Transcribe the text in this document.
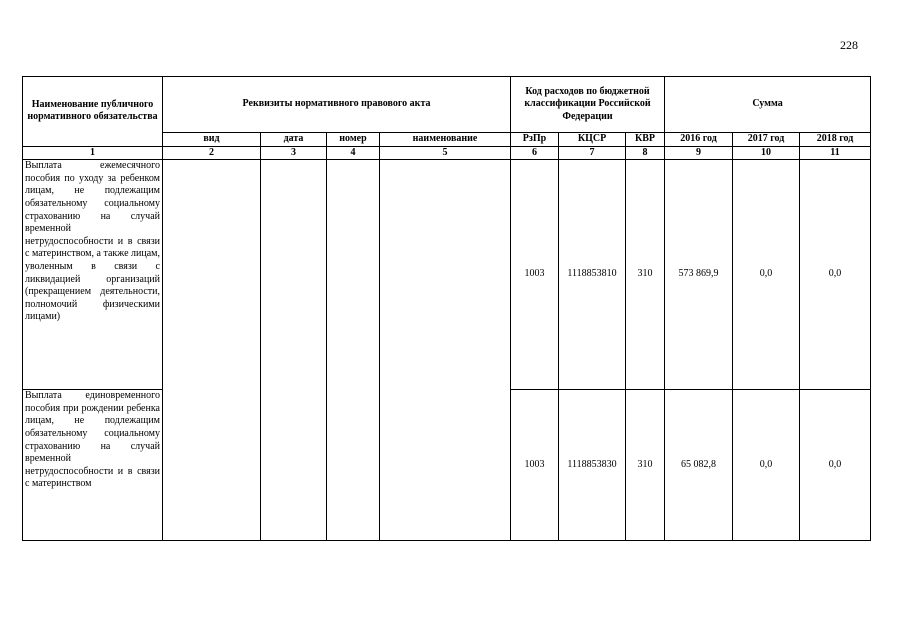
228
Наименование публичного нормативного обязательства	Реквизиты нормативного правового акта				Код расходов по бюджетной классификации Российской Федерации			Сумма		
	вид	дата	номер	наименование	РзПр	КЦСР	КВР	2016 год	2017 год	2018 год
1	2	3	4	5	6	7	8	9	10	11
Выплата ежемесячного пособия по уходу за ребенком лицам, не подлежащим обязательному социальному страхованию на случай временной нетрудоспособности и в связи с материнством, а также лицам, уволенным в связи с ликвидацией организаций (прекращением деятельности, полномочий физическими лицами)					1003	1118853810	310	573 869,9	0,0	0,0
Выплата единовременного пособия при рождении ребенка лицам, не подлежащим обязательному социальному страхованию на случай временной нетрудоспособности и в связи с материнством					1003	1118853830	310	65 082,8	0,0	0,0
